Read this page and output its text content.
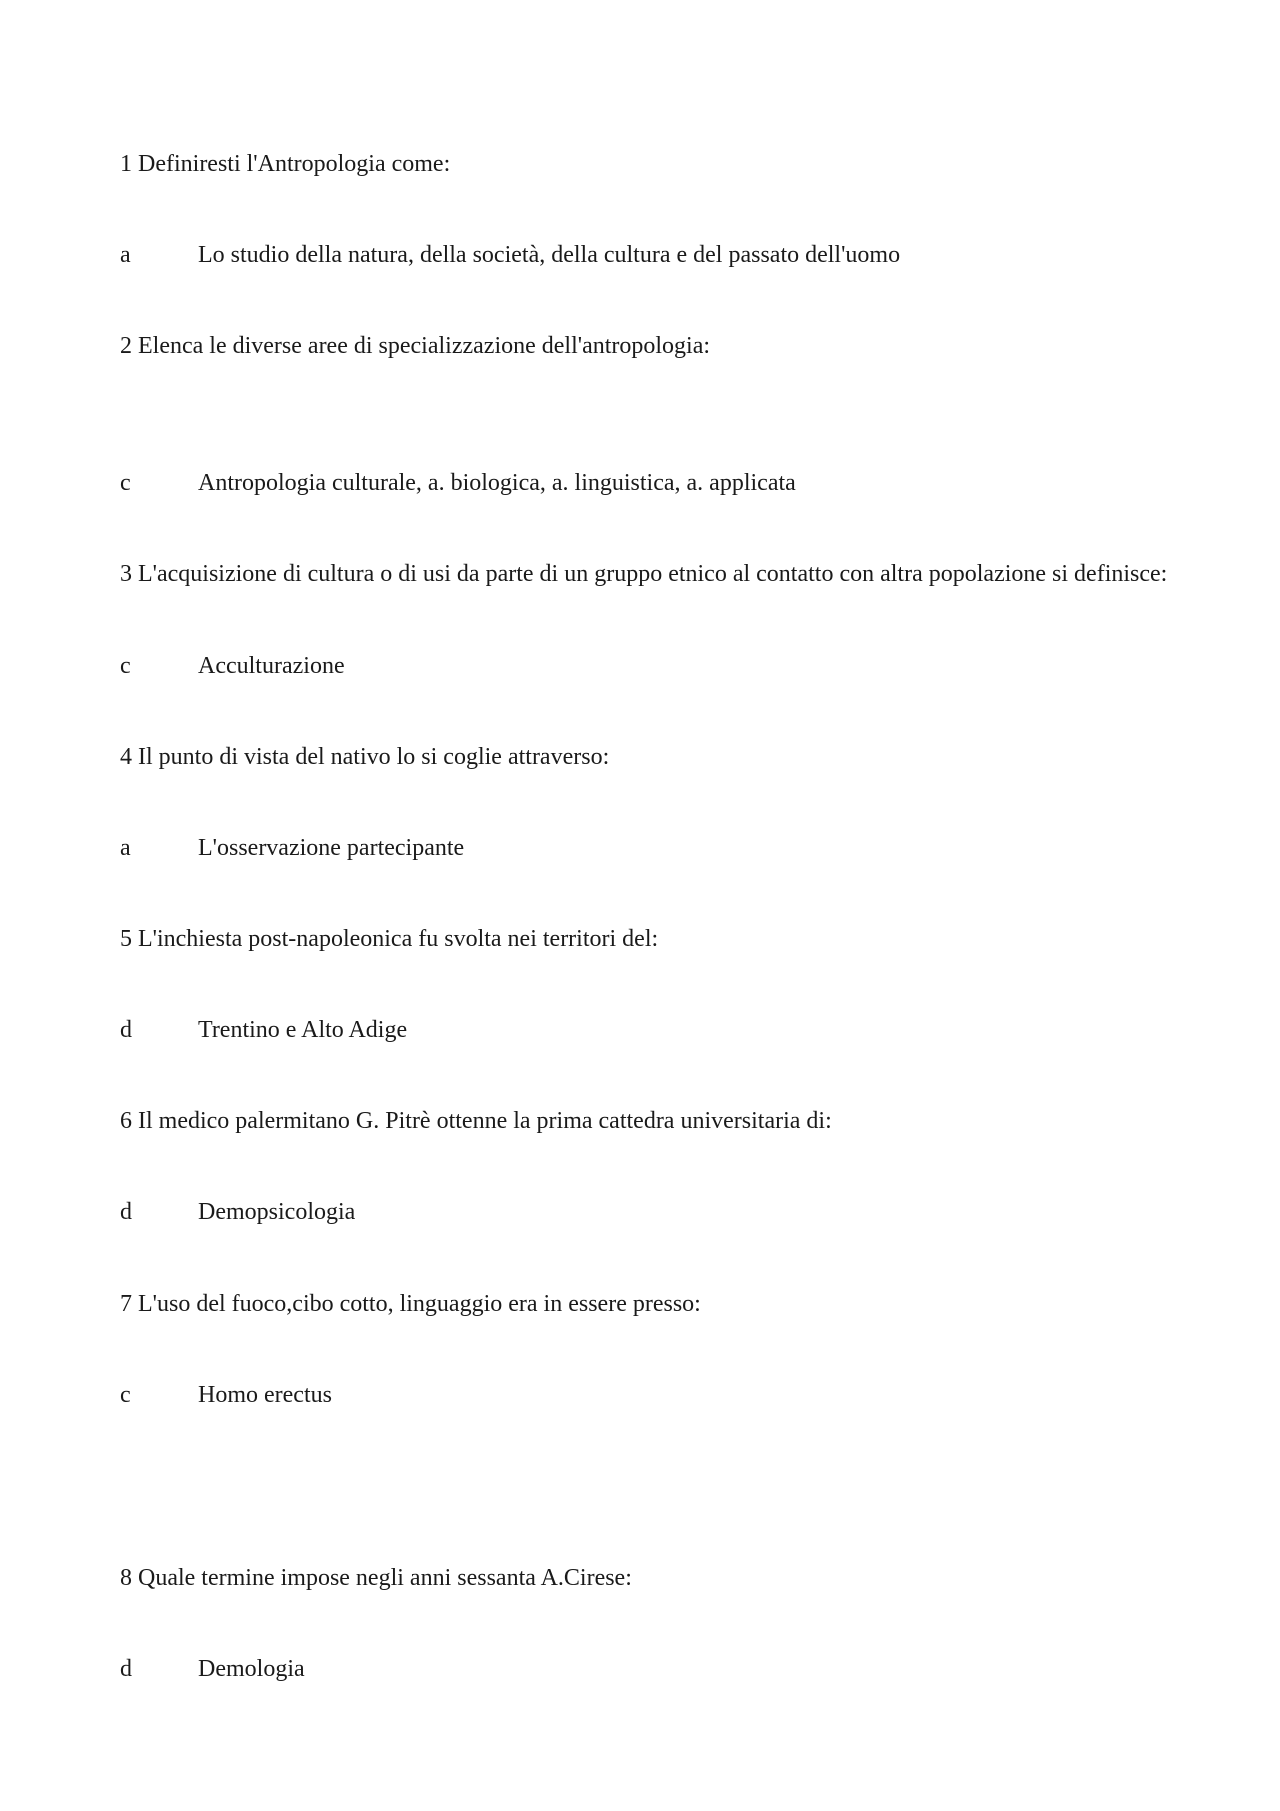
1 Definiresti l'Antropologia come:
a	Lo studio della natura, della società, della cultura e del passato dell'uomo
2 Elenca le diverse aree di specializzazione dell'antropologia:
c	Antropologia culturale, a. biologica, a. linguistica, a. applicata
3 L'acquisizione di cultura o di usi da parte di un gruppo etnico al contatto con altra popolazione si definisce:
c	Acculturazione
4 Il punto di vista del nativo lo si coglie attraverso:
a	L'osservazione partecipante
5 L'inchiesta post-napoleonica fu svolta nei territori del:
d	Trentino e Alto Adige
6 Il medico palermitano G. Pitrè ottenne la prima cattedra universitaria di:
d	Demopsicologia
7 L'uso del fuoco,cibo cotto, linguaggio era in essere presso:
c	Homo erectus
8 Quale termine impose negli anni sessanta A.Cirese:
d	Demologia
